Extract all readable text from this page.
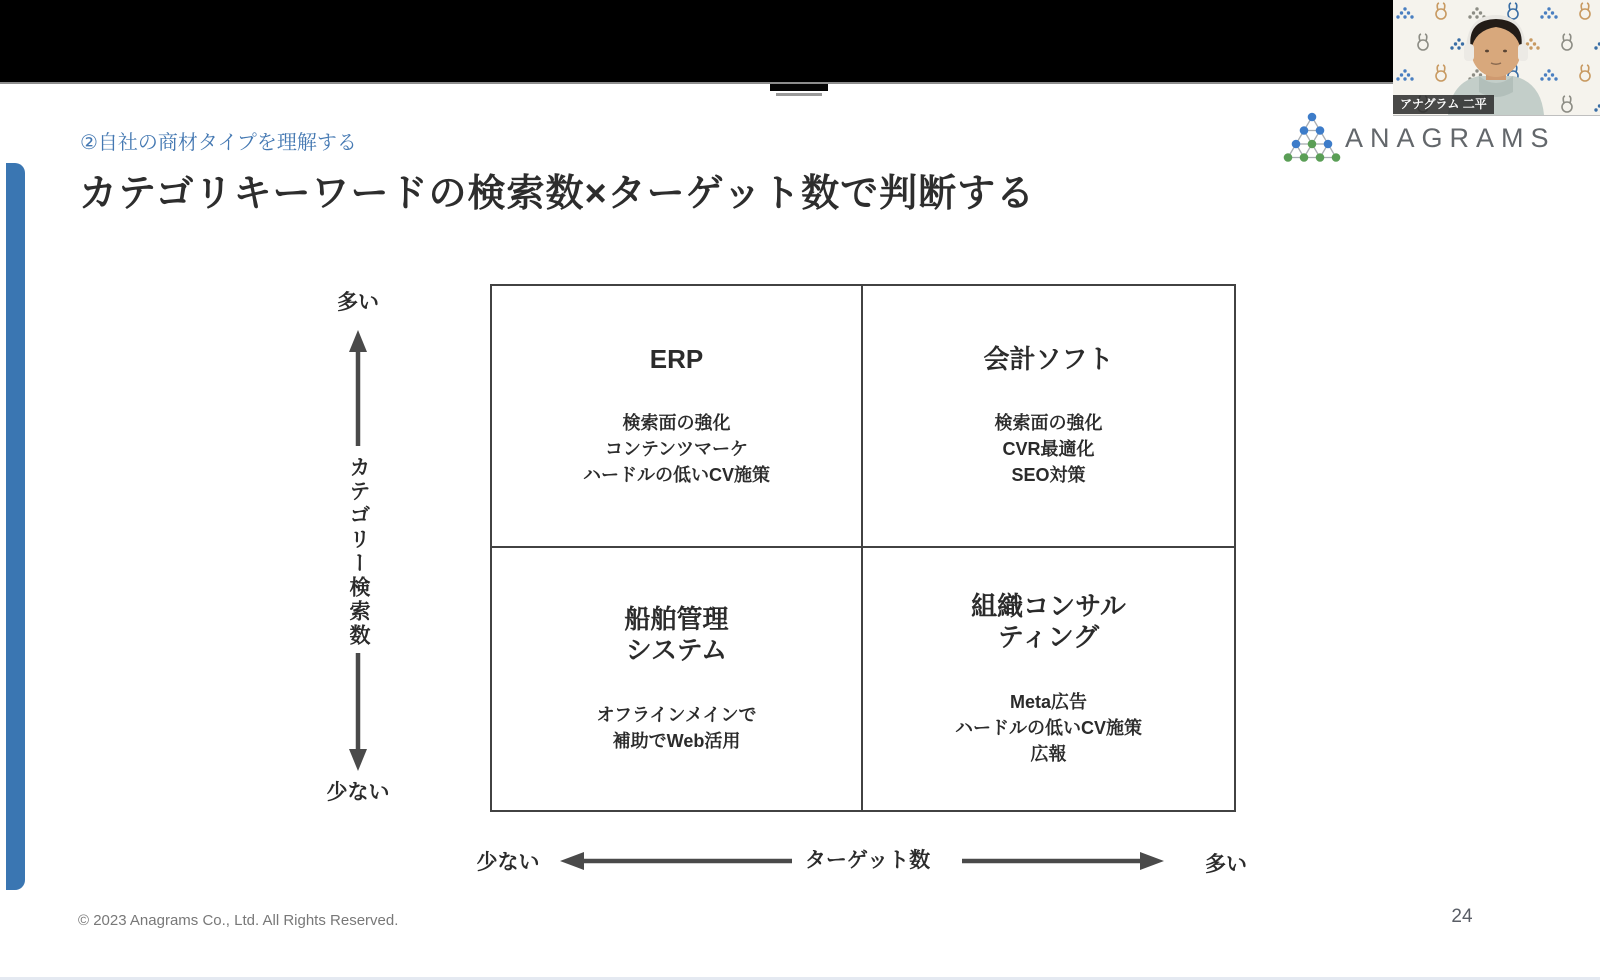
アナグラム 二平
ANAGRAMS
②自社の商材タイプを理解する
カテゴリキーワードの検索数×ターゲット数で判断する
ERP
検索面の強化
コンテンツマーケ
ハードルの低いCV施策
会計ソフト
検索面の強化
CVR最適化
SEO対策
船舶管理
システム
オフラインメインで
補助でWeb活用
組織コンサル
ティング
Meta広告
ハードルの低いCV施策
広報
多い
カテゴリー検索数
少ない
少ない	ターゲット数	多い
© 2023 Anagrams Co., Ltd. All Rights Reserved.	24
